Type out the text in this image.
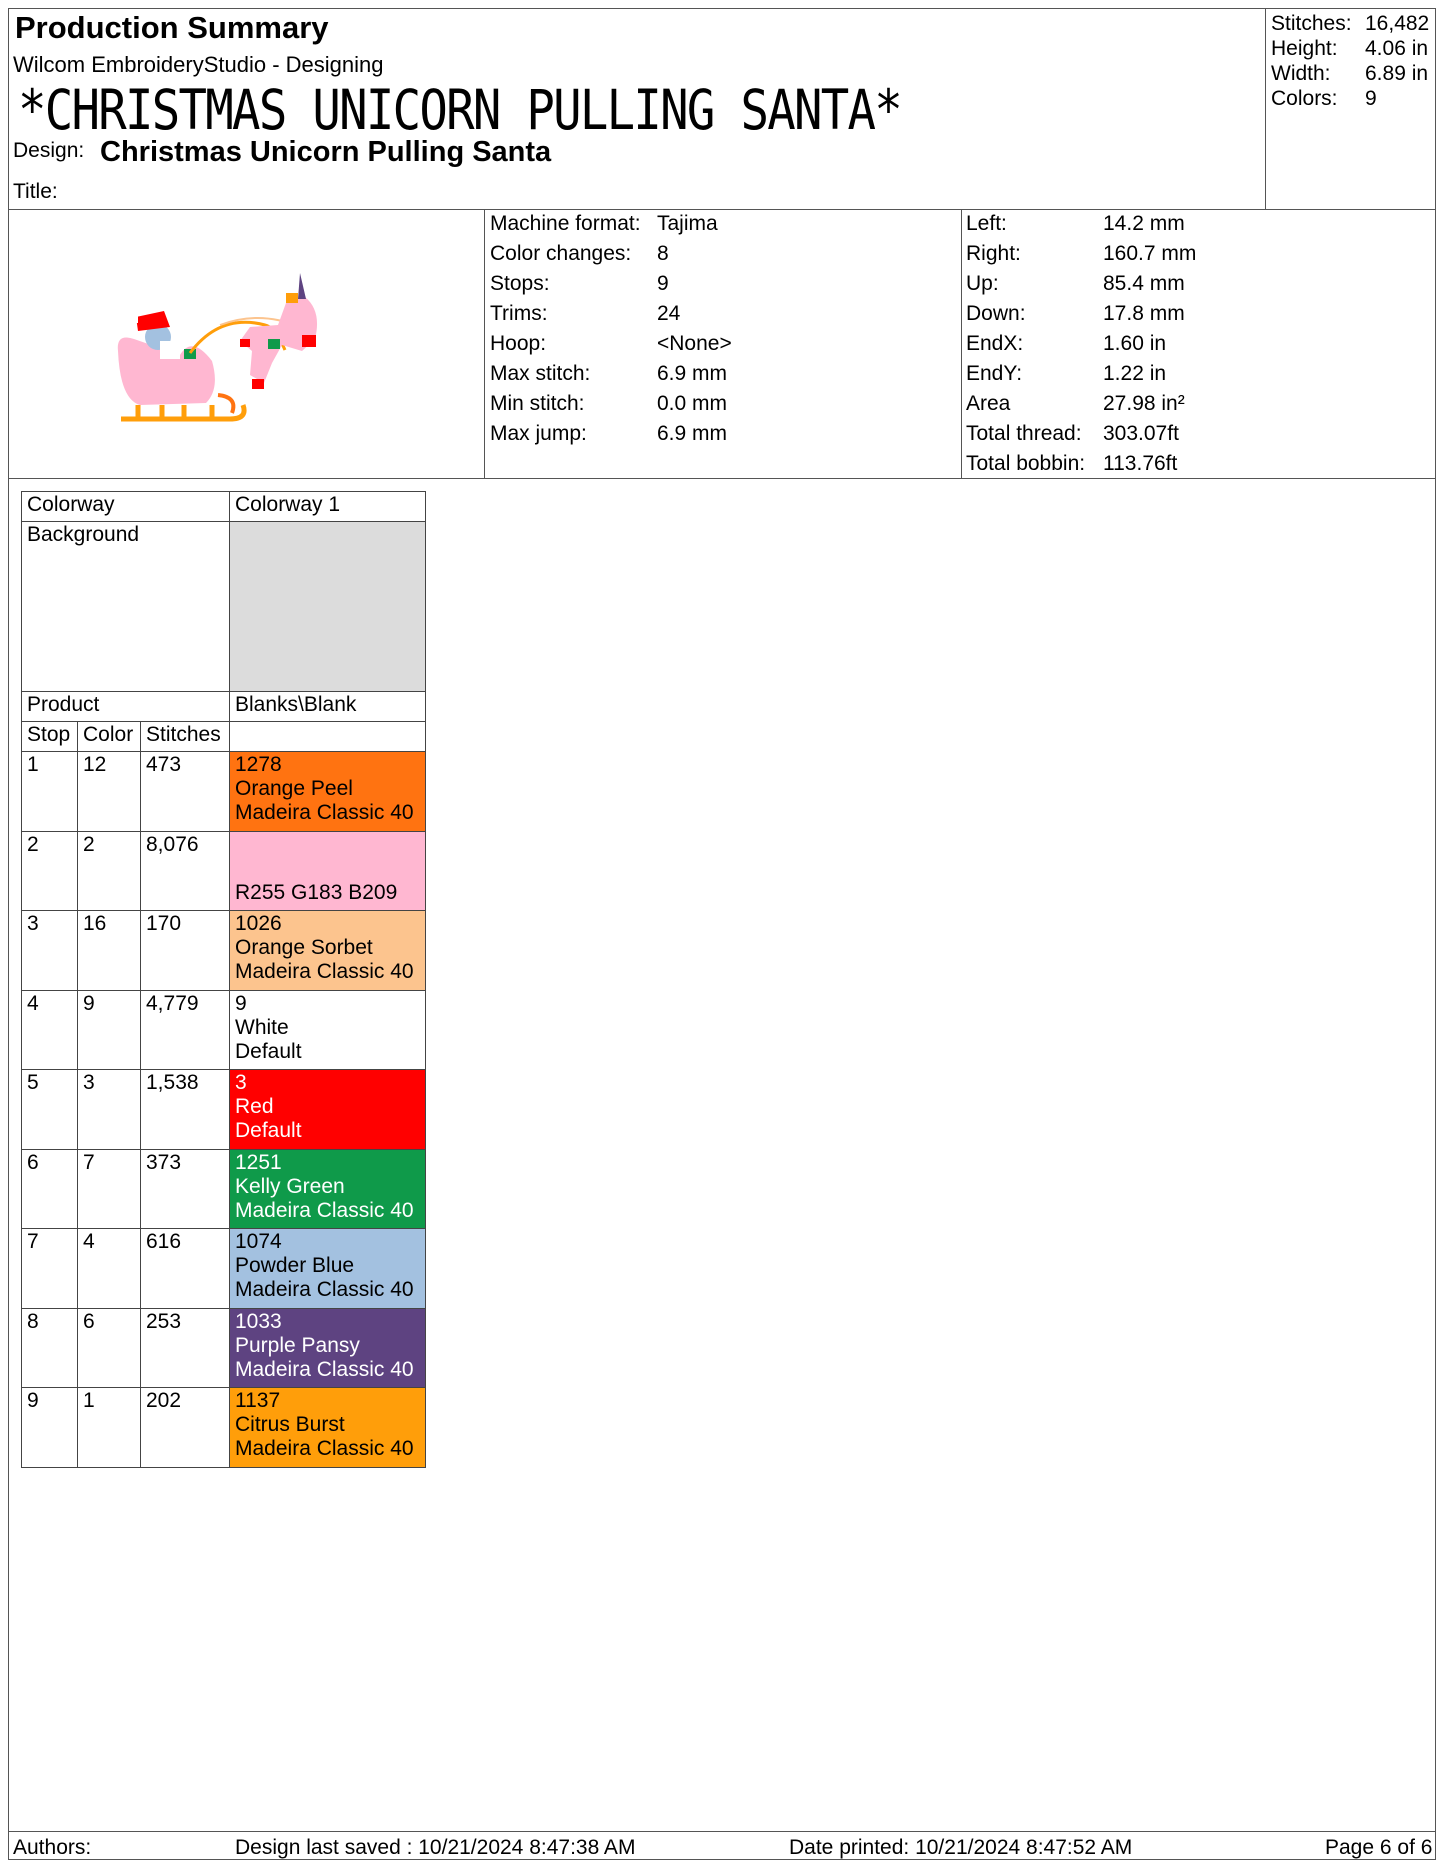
Production Summary
Wilcom EmbroideryStudio - Designing
*CHRISTMAS UNICORN PULLING SANTA*
Design: Christmas Unicorn Pulling Santa
Title:
Stitches: 16,482
Height: 4.06 in
Width: 6.89 in
Colors: 9
Machine format: Tajima
Color changes: 8
Stops:	9
Trims:	24
Hoop:	<None>
Max stitch:	6.9 mm
Min stitch:	0.0 mm
Max jump:	6.9 mm
Left:	14.2 mm
Right:	160.7 mm
Up:	85.4 mm
Down:	17.8 mm
EndX:	1.60 in
EndY:	1.22 in
Area	27.98 in²
Total thread: 303.07ft
Total bobbin: 113.76ft
Colorway			Colorway 1
Background			
Product			Blanks\Blank
Stop	Color	Stitches	
1	12	473	1278
Orange Peel
Madeira Classic 40

2	2	8,076	R255 G183 B209

3	16	170	1026
Orange Sorbet
Madeira Classic 40

4	9	4,779	9
White
Default

5	3	1,538	3
Red
Default

6	7	373	1251
Kelly Green
Madeira Classic 40

7	4	616	1074
Powder Blue
Madeira Classic 40

8	6	253	1033
Purple Pansy
Madeira Classic 40

9	1	202	1137
Citrus Burst
Madeira Classic 40
Authors:	Design last saved : 10/21/2024 8:47:38 AM	Date printed: 10/21/2024 8:47:52 AM	Page 6 of 6
